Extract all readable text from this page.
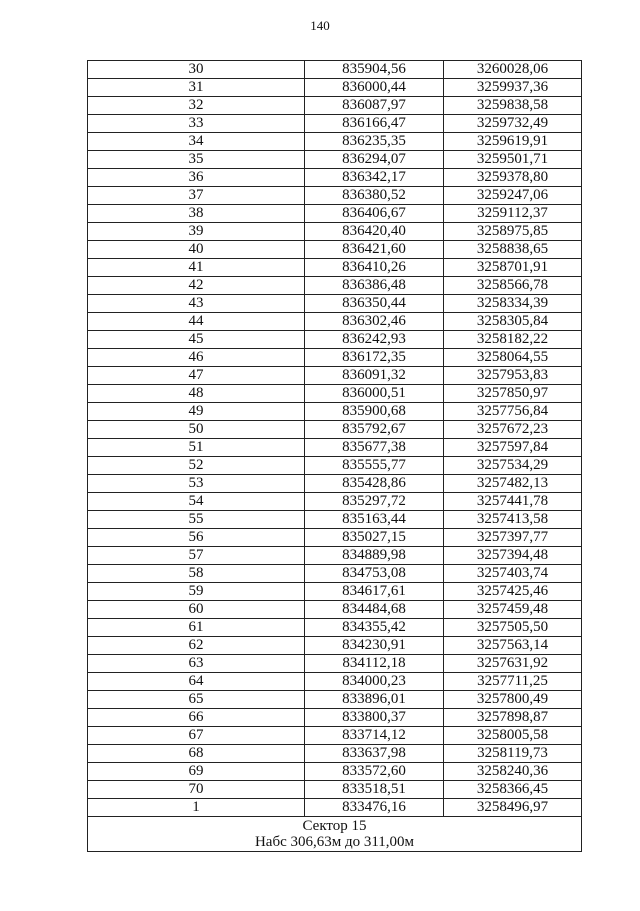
140
30	835904,56	3260028,06
31	836000,44	3259937,36
32	836087,97	3259838,58
33	836166,47	3259732,49
34	836235,35	3259619,91
35	836294,07	3259501,71
36	836342,17	3259378,80
37	836380,52	3259247,06
38	836406,67	3259112,37
39	836420,40	3258975,85
40	836421,60	3258838,65
41	836410,26	3258701,91
42	836386,48	3258566,78
43	836350,44	3258334,39
44	836302,46	3258305,84
45	836242,93	3258182,22
46	836172,35	3258064,55
47	836091,32	3257953,83
48	836000,51	3257850,97
49	835900,68	3257756,84
50	835792,67	3257672,23
51	835677,38	3257597,84
52	835555,77	3257534,29
53	835428,86	3257482,13
54	835297,72	3257441,78
55	835163,44	3257413,58
56	835027,15	3257397,77
57	834889,98	3257394,48
58	834753,08	3257403,74
59	834617,61	3257425,46
60	834484,68	3257459,48
61	834355,42	3257505,50
62	834230,91	3257563,14
63	834112,18	3257631,92
64	834000,23	3257711,25
65	833896,01	3257800,49
66	833800,37	3257898,87
67	833714,12	3258005,58
68	833637,98	3258119,73
69	833572,60	3258240,36
70	833518,51	3258366,45
1	833476,16	3258496,97

Сектор 15
Набс 306,63м до 311,00м		
